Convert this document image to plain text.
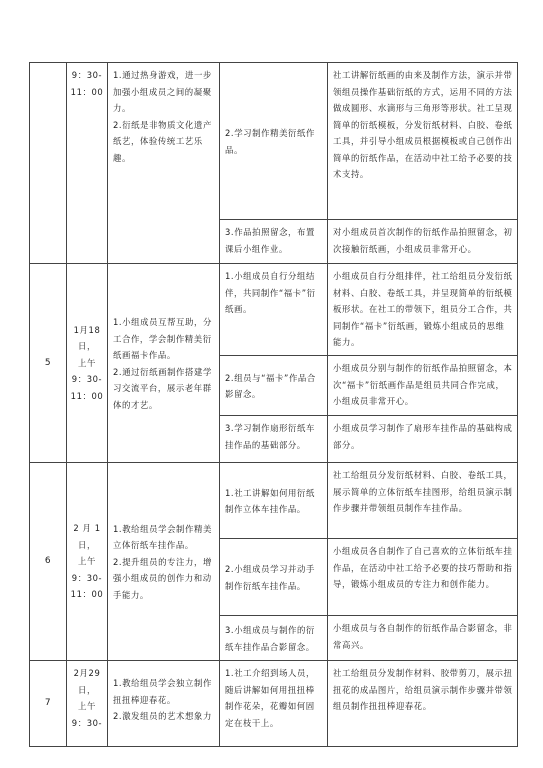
	9：30-
11：00	1.通过热身游戏，进一步加强小组成员之间的凝聚力。
2.衍纸是非物质文化遗产纸艺，体验传统工艺乐趣。	2.学习制作精美衍纸作品。	社工讲解衍纸画的由来及制作方法，演示并带领组员操作基础衍纸的方式，运用不同的方法做成圆形、水滴形与三角形等形状。社工呈现简单的衍纸模板，分发衍纸材料、白胶、卷纸工具，并引导小组成员根据模板或自己创作出简单的衍纸作品，在活动中社工给予必要的技术支持。
			3.作品拍照留念，布置课后小组作业。	对小组成员首次制作的衍纸作品拍照留念，初次接触衍纸画，小组成员非常开心。
5	1月18
日，
上午
9：30-
11：00	1.小组成员互帮互助，分工合作，学会制作精美衍纸画福卡作品。
2.通过衍纸画制作搭建学习交流平台，展示老年群体的才艺。	1.小组成员自行分组结伴，共同制作“福卡”衍纸画。	小组成员自行分组排伴，社工给组员分发衍纸材料、白胶、卷纸工具，并呈现简单的衍纸模板形状。在社工的带领下，组员分工合作，共同制作“福卡”衍纸画，锻炼小组成员的思维能力。
			2.组员与“福卡”作品合影留念。	小组成员分别与制作的衍纸作品拍照留念，本次“福卡”衍纸画作品是组员共同合作完成，小组成员非常开心。
			3.学习制作扇形衍纸车挂作品的基础部分。	小组成员学习制作了扇形车挂作品的基础构成部分。
6	2 月 1
日，
上午
9：30-
11：00	1.教给组员学会制作精美立体衍纸车挂作品。
2.提升组员的专注力，增强小组成员的创作力和动手能力。	1.社工讲解如何用衍纸制作立体车挂作品。	社工给组员分发衍纸材料、白胶、卷纸工具，展示简单的立体衍纸车挂图形，给组员演示制作步骤并带领组员制作车挂作品。
			2.小组成员学习并动手制作衍纸车挂作品。	小组成员各自制作了自己喜欢的立体衍纸车挂作品，在活动中社工给予必要的技巧帮助和指导，锻炼小组成员的专注力和创作能力。
			3.小组成员与制作的衍纸车挂作品合影留念。	小组成员与各自制作的衍纸作品合影留念，非常高兴。
7	2月29
日，
上午
9：30-	1.教给组员学会独立制作扭扭棒迎春花。
2.激发组员的艺术想象力	1.社工介绍到场人员，随后讲解如何用扭扭棒制作花朵，花瓣如何固定在枝干上。	社工给组员分发制作材料、胶带剪刀，展示扭扭花的成品图片，给组员演示制作步骤并带领组员制作扭扭棒迎春花。
